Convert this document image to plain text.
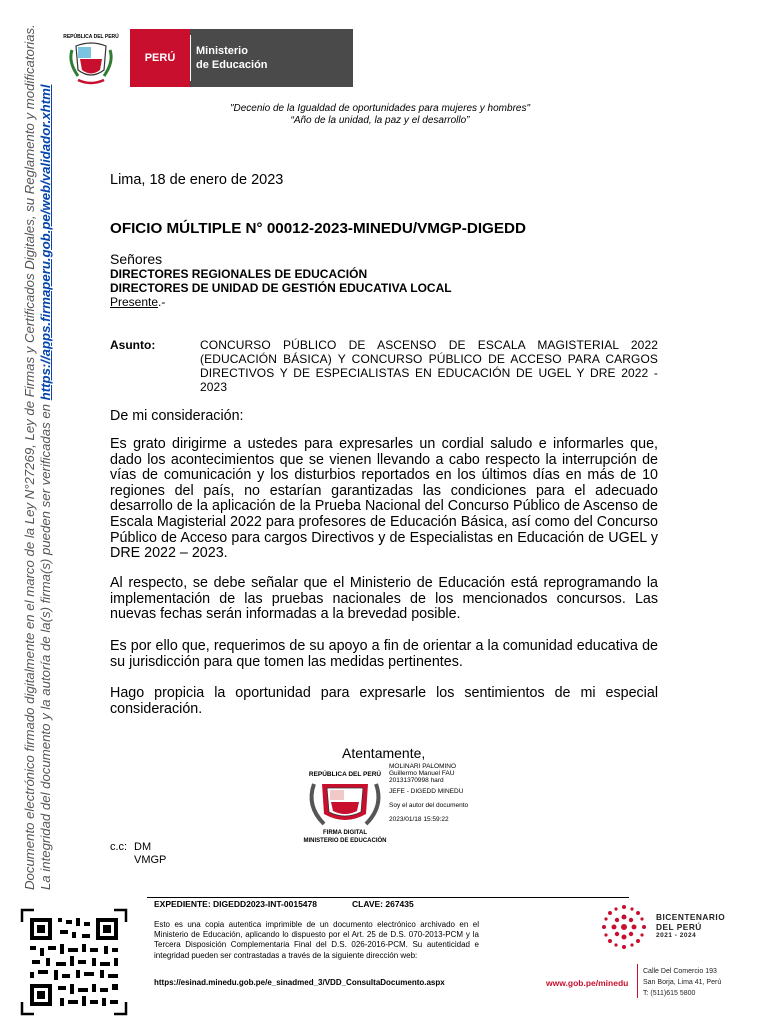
REPÚBLICA DEL PERÚ
PERÚ
Ministerio
de Educación
"Decenio de la Igualdad de oportunidades para mujeres y hombres"
“Año de la unidad, la paz y el desarrollo”
Documento electrónico firmado digitalmente en el marco de la Ley N°27269, Ley de Firmas y Certificados Digitales, su Reglamento y modificatorias. La integridad del documento y la autoría de la(s) firma(s) pueden ser verificadas en https://apps.firmaperu.gob.pe/web/validador.xhtml	Lima, 18 de enero de 2023
OFICIO MÚLTIPLE N° 00012-2023-MINEDU/VMGP-DIGEDD
Señores
DIRECTORES REGIONALES DE EDUCACIÓN
DIRECTORES DE UNIDAD DE GESTIÓN EDUCATIVA LOCAL
Presente.-
Asunto:	CONCURSO PÚBLICO DE ASCENSO DE ESCALA MAGISTERIAL 2022 (EDUCACIÓN BÁSICA) Y CONCURSO PÚBLICO DE ACCESO PARA CARGOS DIRECTIVOS Y DE ESPECIALISTAS EN EDUCACIÓN DE UGEL Y DRE 2022 - 2023
De mi consideración:
Es grato dirigirme a ustedes para expresarles un cordial saludo e informarles que, dado los acontecimientos que se vienen llevando a cabo respecto la interrupción de vías de comunicación y los disturbios reportados en los últimos días en más de 10 regiones del país, no estarían garantizadas las condiciones para el adecuado desarrollo de la aplicación de la Prueba Nacional del Concurso Público de Ascenso de Escala Magisterial 2022 para profesores de Educación Básica, así como del Concurso Público de Acceso para cargos Directivos y de Especialistas en Educación de UGEL y DRE 2022 – 2023.
Al respecto, se debe señalar que el Ministerio de Educación está reprogramando la implementación de las pruebas nacionales de los mencionados concursos. Las nuevas fechas serán informadas a la brevedad posible.
Es por ello que, requerimos de su apoyo a fin de orientar a la comunidad educativa de su jurisdicción para que tomen las medidas pertinentes.
Hago propicia la oportunidad para expresarle los sentimientos de mi especial consideración.
Atentamente,
REPÚBLICA DEL PERÚ
FIRMA DIGITAL
MINISTERIO DE EDUCACIÓN
MOLINARI PALOMINO
Guillermo Manuel FAU
20131370998 hard
JEFE - DIGEDD MINEDU
Soy el autor del documento
2023/01/18 15:59:22
c.c: DM
VMGP
EXPEDIENTE: DIGEDD2023-INT-0015478	CLAVE: 267435
Esto es una copia autentica imprimible de un documento electrónico archivado en el Ministerio de Educación, aplicando lo dispuesto por el Art. 25 de D.S. 070-2013-PCM y la Tercera Disposición Complementaria Final del D.S. 026-2016-PCM. Su autenticidad e integridad pueden ser contrastadas a través de la siguiente dirección web:
https://esinad.minedu.gob.pe/e_sinadmed_3/VDD_ConsultaDocumento.aspx	www.gob.pe/minedu
BICENTENARIO
DEL PERÚ
2021 - 2024
Calle Del Comercio 193
San Borja, Lima 41, Perú
T: (511)615 5800
